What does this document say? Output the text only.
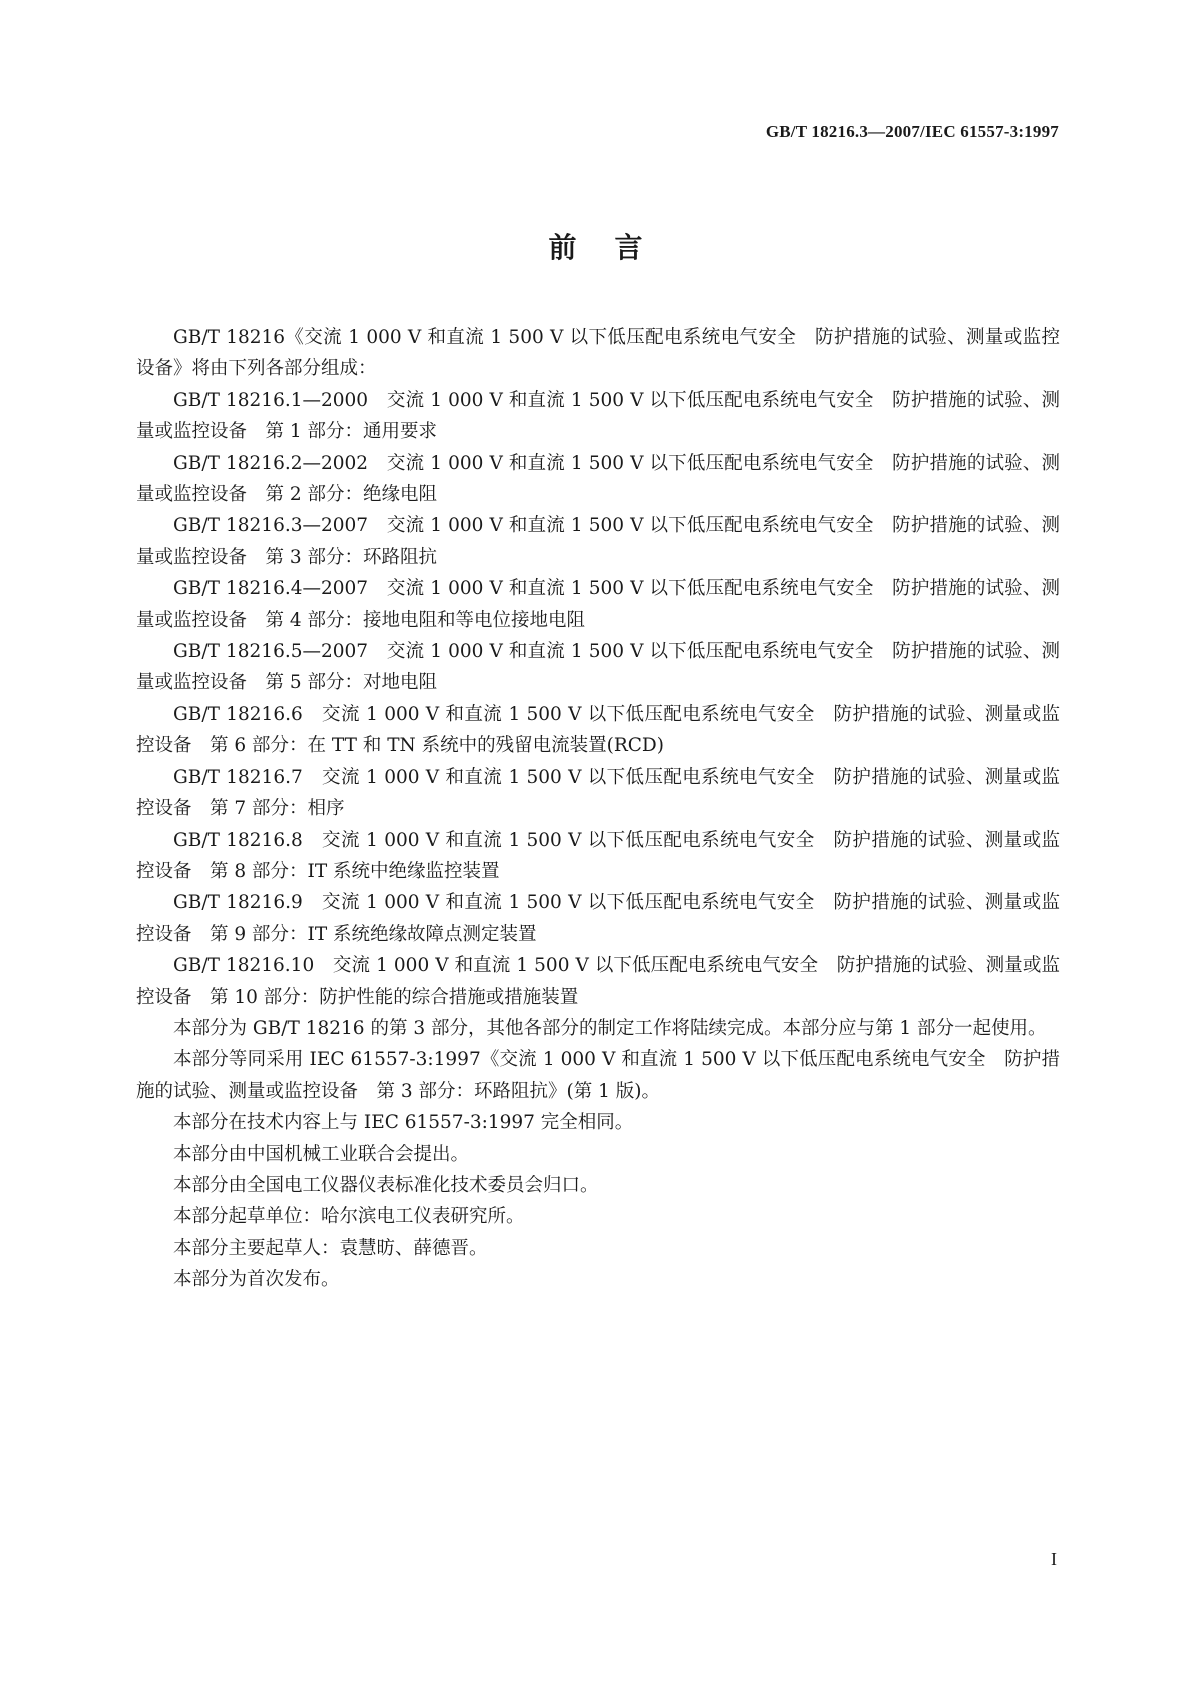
GB/T 18216.3—2007/IEC 61557-3:1997
前言

GB/T 18216《交流 1 000 V 和直流 1 500 V 以下低压配电系统电气安全　防护措施的试验、测量或监控设备》将由下列各部分组成：

GB/T 18216.1—2000　交流 1 000 V 和直流 1 500 V 以下低压配电系统电气安全　防护措施的试验、测量或监控设备　第 1 部分：通用要求

GB/T 18216.2—2002　交流 1 000 V 和直流 1 500 V 以下低压配电系统电气安全　防护措施的试验、测量或监控设备　第 2 部分：绝缘电阻

GB/T 18216.3—2007　交流 1 000 V 和直流 1 500 V 以下低压配电系统电气安全　防护措施的试验、测量或监控设备　第 3 部分：环路阻抗

GB/T 18216.4—2007　交流 1 000 V 和直流 1 500 V 以下低压配电系统电气安全　防护措施的试验、测量或监控设备　第 4 部分：接地电阻和等电位接地电阻

GB/T 18216.5—2007　交流 1 000 V 和直流 1 500 V 以下低压配电系统电气安全　防护措施的试验、测量或监控设备　第 5 部分：对地电阻

GB/T 18216.6　交流 1 000 V 和直流 1 500 V 以下低压配电系统电气安全　防护措施的试验、测量或监控设备　第 6 部分：在 TT 和 TN 系统中的残留电流装置(RCD)

GB/T 18216.7　交流 1 000 V 和直流 1 500 V 以下低压配电系统电气安全　防护措施的试验、测量或监控设备　第 7 部分：相序

GB/T 18216.8　交流 1 000 V 和直流 1 500 V 以下低压配电系统电气安全　防护措施的试验、测量或监控设备　第 8 部分：IT 系统中绝缘监控装置

GB/T 18216.9　交流 1 000 V 和直流 1 500 V 以下低压配电系统电气安全　防护措施的试验、测量或监控设备　第 9 部分：IT 系统绝缘故障点测定装置

GB/T 18216.10　交流 1 000 V 和直流 1 500 V 以下低压配电系统电气安全　防护措施的试验、测量或监控设备　第 10 部分：防护性能的综合措施或措施装置

本部分为 GB/T 18216 的第 3 部分，其他各部分的制定工作将陆续完成。本部分应与第 1 部分一起使用。

本部分等同采用 IEC 61557-3:1997《交流 1 000 V 和直流 1 500 V 以下低压配电系统电气安全　防护措施的试验、测量或监控设备　第 3 部分：环路阻抗》(第 1 版)。

本部分在技术内容上与 IEC 61557-3:1997 完全相同。

本部分由中国机械工业联合会提出。

本部分由全国电工仪器仪表标准化技术委员会归口。

本部分起草单位：哈尔滨电工仪表研究所。

本部分主要起草人：袁慧昉、薛德晋。

本部分为首次发布。

I
